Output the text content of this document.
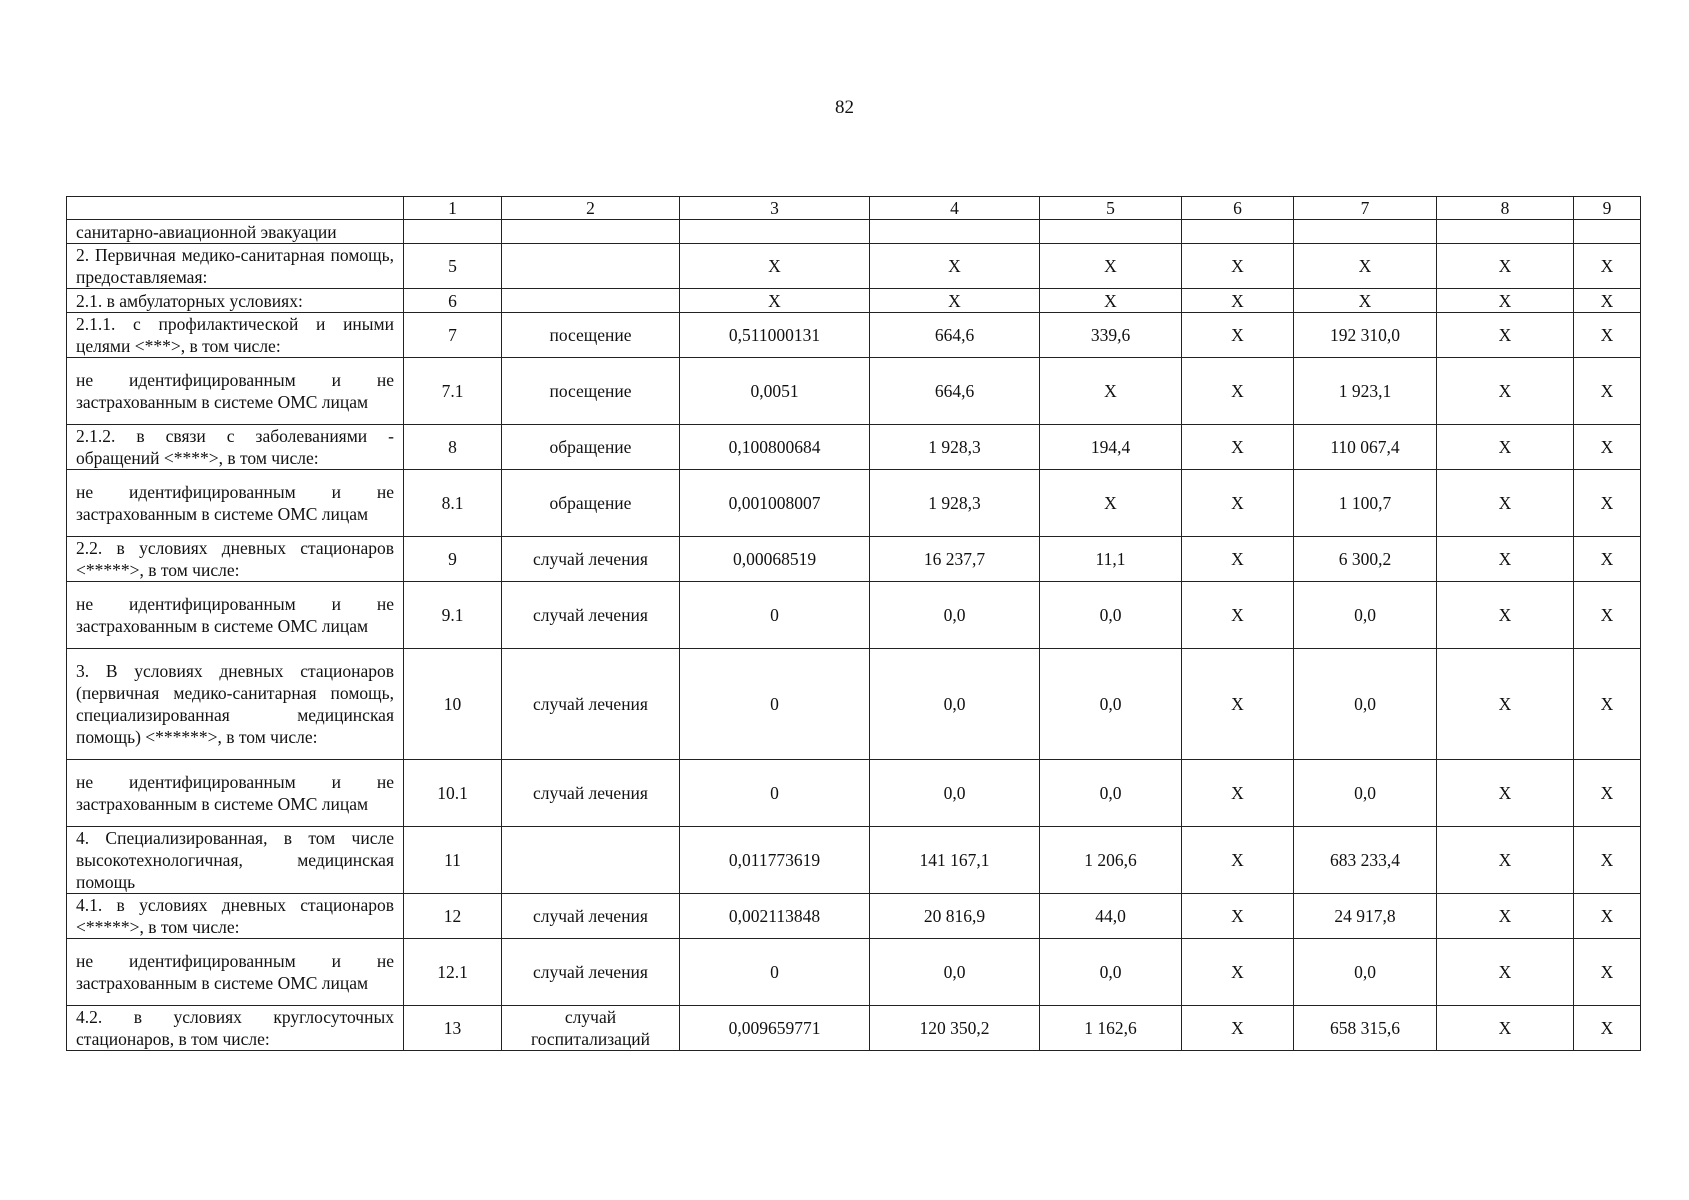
82
	1	2	3	4	5	6	7	8	9
санитарно-авиационной эвакуации									
2. Первичная медико-санитарная помощь, предоставляемая:	5		X	X	X	X	X	X	X
2.1. в амбулаторных условиях:	6		X	X	X	X	X	X	X
2.1.1. с профилактической и иными целями <***>, в том числе:	7	посещение	0,511000131	664,6	339,6	X	192 310,0	X	X
не идентифицированным и не застрахованным в системе ОМС лицам	7.1	посещение	0,0051	664,6	X	X	1 923,1	X	X
2.1.2. в связи с заболеваниями - обращений <****>, в том числе:	8	обращение	0,100800684	1 928,3	194,4	X	110 067,4	X	X
не идентифицированным и не застрахованным в системе ОМС лицам	8.1	обращение	0,001008007	1 928,3	X	X	1 100,7	X	X
2.2. в условиях дневных стационаров <*****>, в том числе:	9	случай лечения	0,00068519	16 237,7	11,1	X	6 300,2	X	X
не идентифицированным и не застрахованным в системе ОМС лицам	9.1	случай лечения	0	0,0	0,0	X	0,0	X	X
3. В условиях дневных стационаров (первичная медико-санитарная помощь, специализированная медицинская помощь) <******>, в том числе:	10	случай лечения	0	0,0	0,0	X	0,0	X	X
не идентифицированным и не застрахованным в системе ОМС лицам	10.1	случай лечения	0	0,0	0,0	X	0,0	X	X
4. Специализированная, в том числе высокотехнологичная, медицинская помощь	11		0,011773619	141 167,1	1 206,6	X	683 233,4	X	X
4.1. в условиях дневных стационаров <*****>, в том числе:	12	случай лечения	0,002113848	20 816,9	44,0	X	24 917,8	X	X
не идентифицированным и не застрахованным в системе ОМС лицам	12.1	случай лечения	0	0,0	0,0	X	0,0	X	X
4.2. в условиях круглосуточных стационаров, в том числе:	13	случай госпитализаций	0,009659771	120 350,2	1 162,6	X	658 315,6	X	X
